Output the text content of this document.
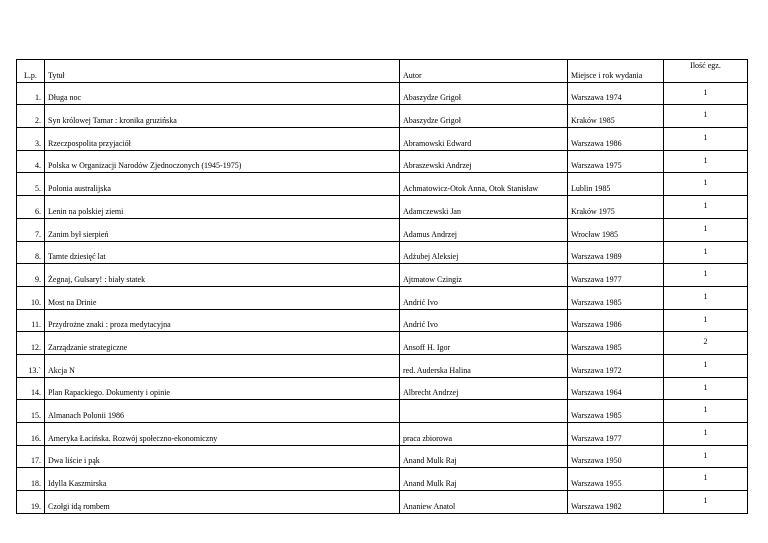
L.p.	Tytuł	Autor	Miejsce i rok wydania	Ilość egz.
1.	Długa noc	Abaszydze Grigoł	Warszawa 1974	1
2.	Syn królowej Tamar : kronika gruzińska	Abaszydze Grigoł	Kraków 1985	1
3.	Rzeczpospolita przyjaciół	Abramowski Edward	Warszawa 1986	1
4.	Polska w Organizacji Narodów Zjednoczonych (1945-1975)	Abraszewski Andrzej	Warszawa 1975	1
5.	Polonia australijska	Achmatowicz-Otok Anna, Otok Stanisław	Lublin 1985	1
6.	Lenin na polskiej ziemi	Adamczewski Jan	Kraków 1975	1
7.	Zanim był sierpień	Adamus Andrzej	Wrocław 1985	1
8.	Tamte dziesięć lat	Adżubej Aleksiej	Warszawa 1989	1
9.	Żegnaj, Gulsary! : biały statek	Ajtmatow Czingiz	Warszawa 1977	1
10.	Most na Drinie	Andrić Ivo	Warszawa 1985	1
11.	Przydrożne znaki : proza medytacyjna	Andrić Ivo	Warszawa 1986	1
12.	Zarządzanie strategiczne	Ansoff H. Igor	Warszawa 1985	2
13.`	Akcja N	red. Auderska Halina	Warszawa 1972	1
14.	Plan Rapackiego. Dokumenty i opinie	Albrecht Andrzej	Warszawa 1964	1
15.	Almanach Polonii 1986		Warszawa 1985	1
16.	Ameryka Łacińska. Rozwój społeczno-ekonomiczny	praca zbiorowa	Warszawa 1977	1
17.	Dwa liście i pąk	Anand Mulk Raj	Warszawa 1950	1
18.	Idylla Kaszmirska	Anand Mulk Raj	Warszawa 1955	1
19.	Czołgi idą rombem	Ananiew Anatol	Warszawa 1982	1
